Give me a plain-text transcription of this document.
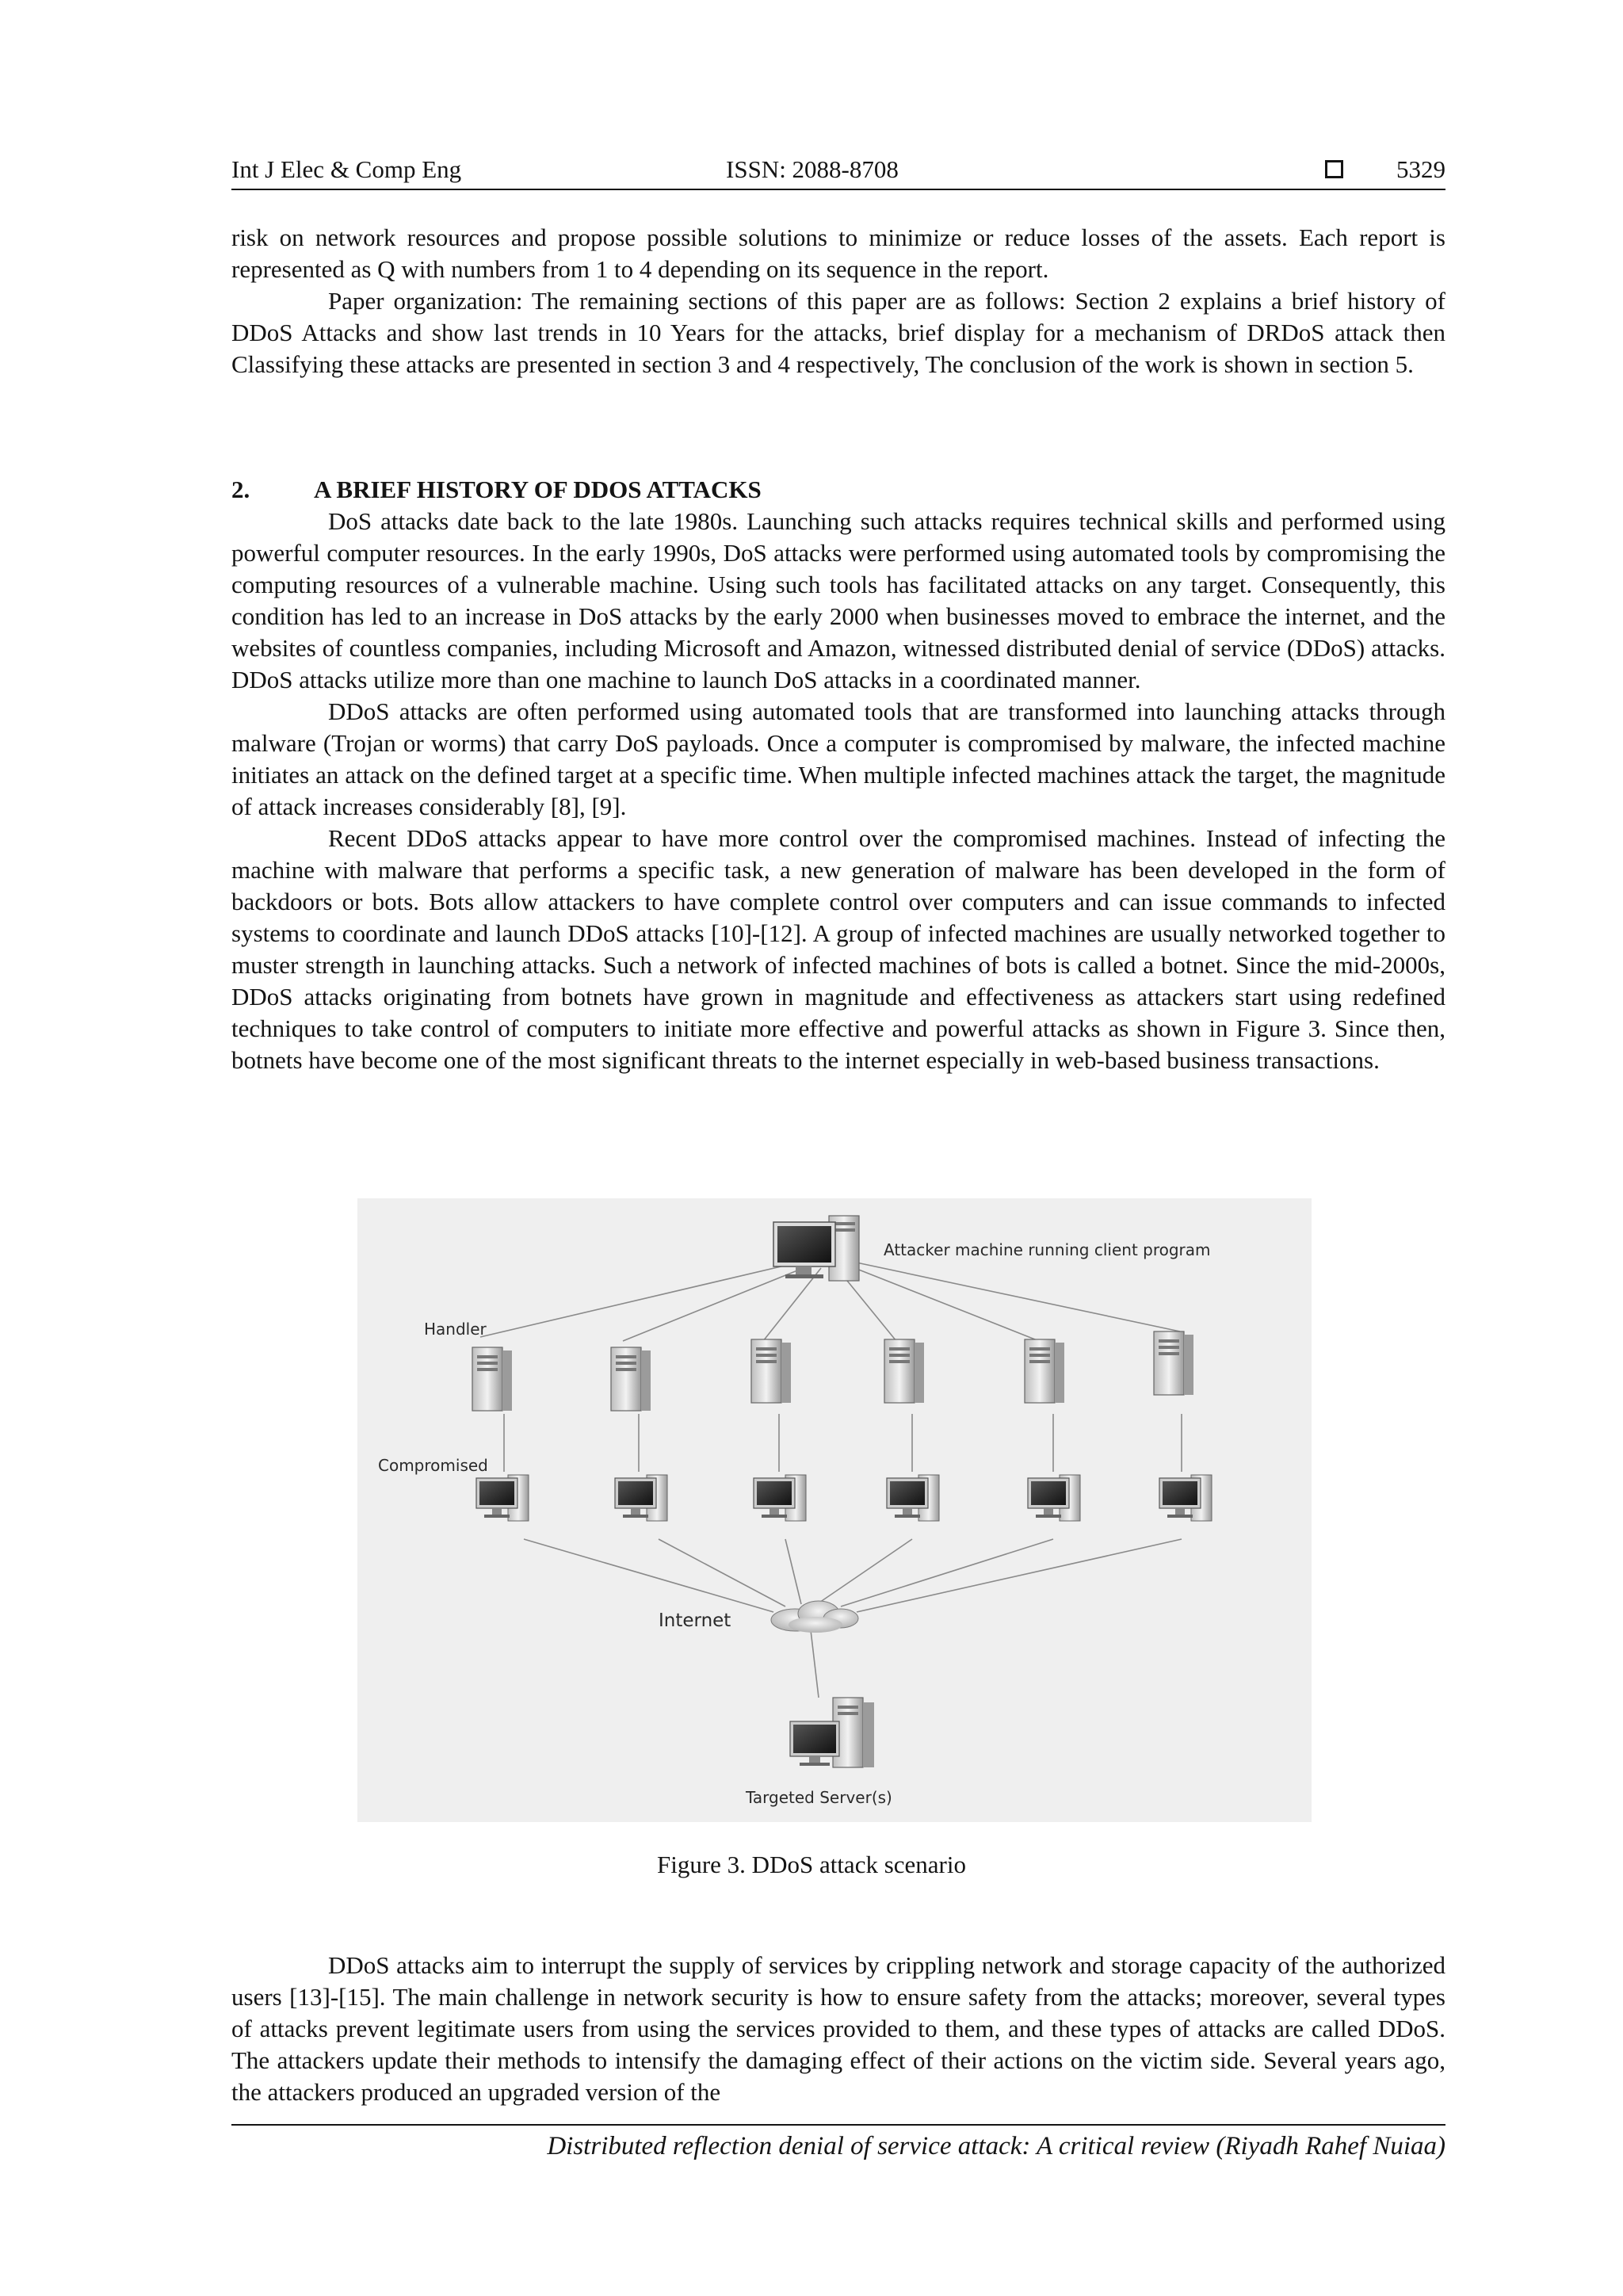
Int J Elec & Comp Eng	ISSN: 2088-8708	5329

risk on network resources and propose possible solutions to minimize or reduce losses of the assets. Each report is represented as Q with numbers from 1 to 4 depending on its sequence in the report.

Paper organization: The remaining sections of this paper are as follows: Section 2 explains a brief history of DDoS Attacks and show last trends in 10 Years for the attacks, brief display for a mechanism of DRDoS attack then Classifying these attacks are presented in section 3 and 4 respectively, The conclusion of the work is shown in section 5.

2.	A BRIEF HISTORY OF DDOS ATTACKS

DoS attacks date back to the late 1980s. Launching such attacks requires technical skills and performed using powerful computer resources. In the early 1990s, DoS attacks were performed using automated tools by compromising the computing resources of a vulnerable machine. Using such tools has facilitated attacks on any target. Consequently, this condition has led to an increase in DoS attacks by the early 2000 when businesses moved to embrace the internet, and the websites of countless companies, including Microsoft and Amazon, witnessed distributed denial of service (DDoS) attacks. DDoS attacks utilize more than one machine to launch DoS attacks in a coordinated manner.

DDoS attacks are often performed using automated tools that are transformed into launching attacks through malware (Trojan or worms) that carry DoS payloads. Once a computer is compromised by malware, the infected machine initiates an attack on the defined target at a specific time. When multiple infected machines attack the target, the magnitude of attack increases considerably [8], [9].

Recent DDoS attacks appear to have more control over the compromised machines. Instead of infecting the machine with malware that performs a specific task, a new generation of malware has been developed in the form of backdoors or bots. Bots allow attackers to have complete control over computers and can issue commands to infected systems to coordinate and launch DDoS attacks [10]-[12]. A group of infected machines are usually networked together to muster strength in launching attacks. Such a network of infected machines of bots is called a botnet. Since the mid-2000s, DDoS attacks originating from botnets have grown in magnitude and effectiveness as attackers start using redefined techniques to take control of computers to initiate more effective and powerful attacks as shown in Figure 3. Since then, botnets have become one of the most significant threats to the internet especially in web-based business transactions.

Attacker machine running client program
Handler
Compromised
Internet
Targeted Server(s)
Figure 3. DDoS attack scenario

DDoS attacks aim to interrupt the supply of services by crippling network and storage capacity of the authorized users [13]-[15]. The main challenge in network security is how to ensure safety from the attacks; moreover, several types of attacks prevent legitimate users from using the services provided to them, and these types of attacks are called DDoS. The attackers update their methods to intensify the damaging effect of their actions on the victim side. Several years ago, the attackers produced an upgraded version of the

Distributed reflection denial of service attack: A critical review (Riyadh Rahef Nuiaa)
